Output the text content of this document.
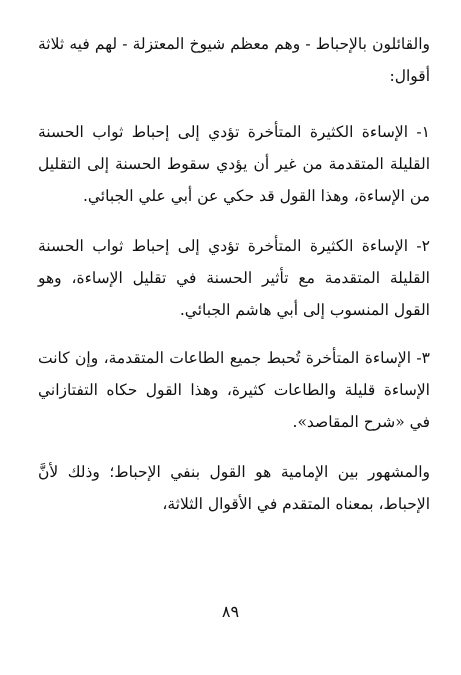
والقائلون بالإحباط - وهم معظم شيوخ المعتزلة - لهم فيه ثلاثة أقوال:

١- الإساءة الكثيرة المتأخرة تؤدي إلى إحباط ثواب الحسنة القليلة المتقدمة من غير أن يؤدي سقوط الحسنة إلى التقليل من الإساءة، وهذا القول قد حكي عن أبي علي الجبائي.

٢- الإساءة الكثيرة المتأخرة تؤدي إلى إحباط ثواب الحسنة القليلة المتقدمة مع تأثير الحسنة في تقليل الإساءة، وهو القول المنسوب إلى أبي هاشم الجبائي.

٣- الإساءة المتأخرة تُحبط جميع الطاعات المتقدمة، وإن كانت الإساءة قليلة والطاعات كثيرة، وهذا القول حكاه التفتازاني في «شرح المقاصد».

والمشهور بين الإمامية هو القول بنفي الإحباط؛ وذلك لأنَّ الإحباط، بمعناه المتقدم في الأقوال الثلاثة،

٨٩
